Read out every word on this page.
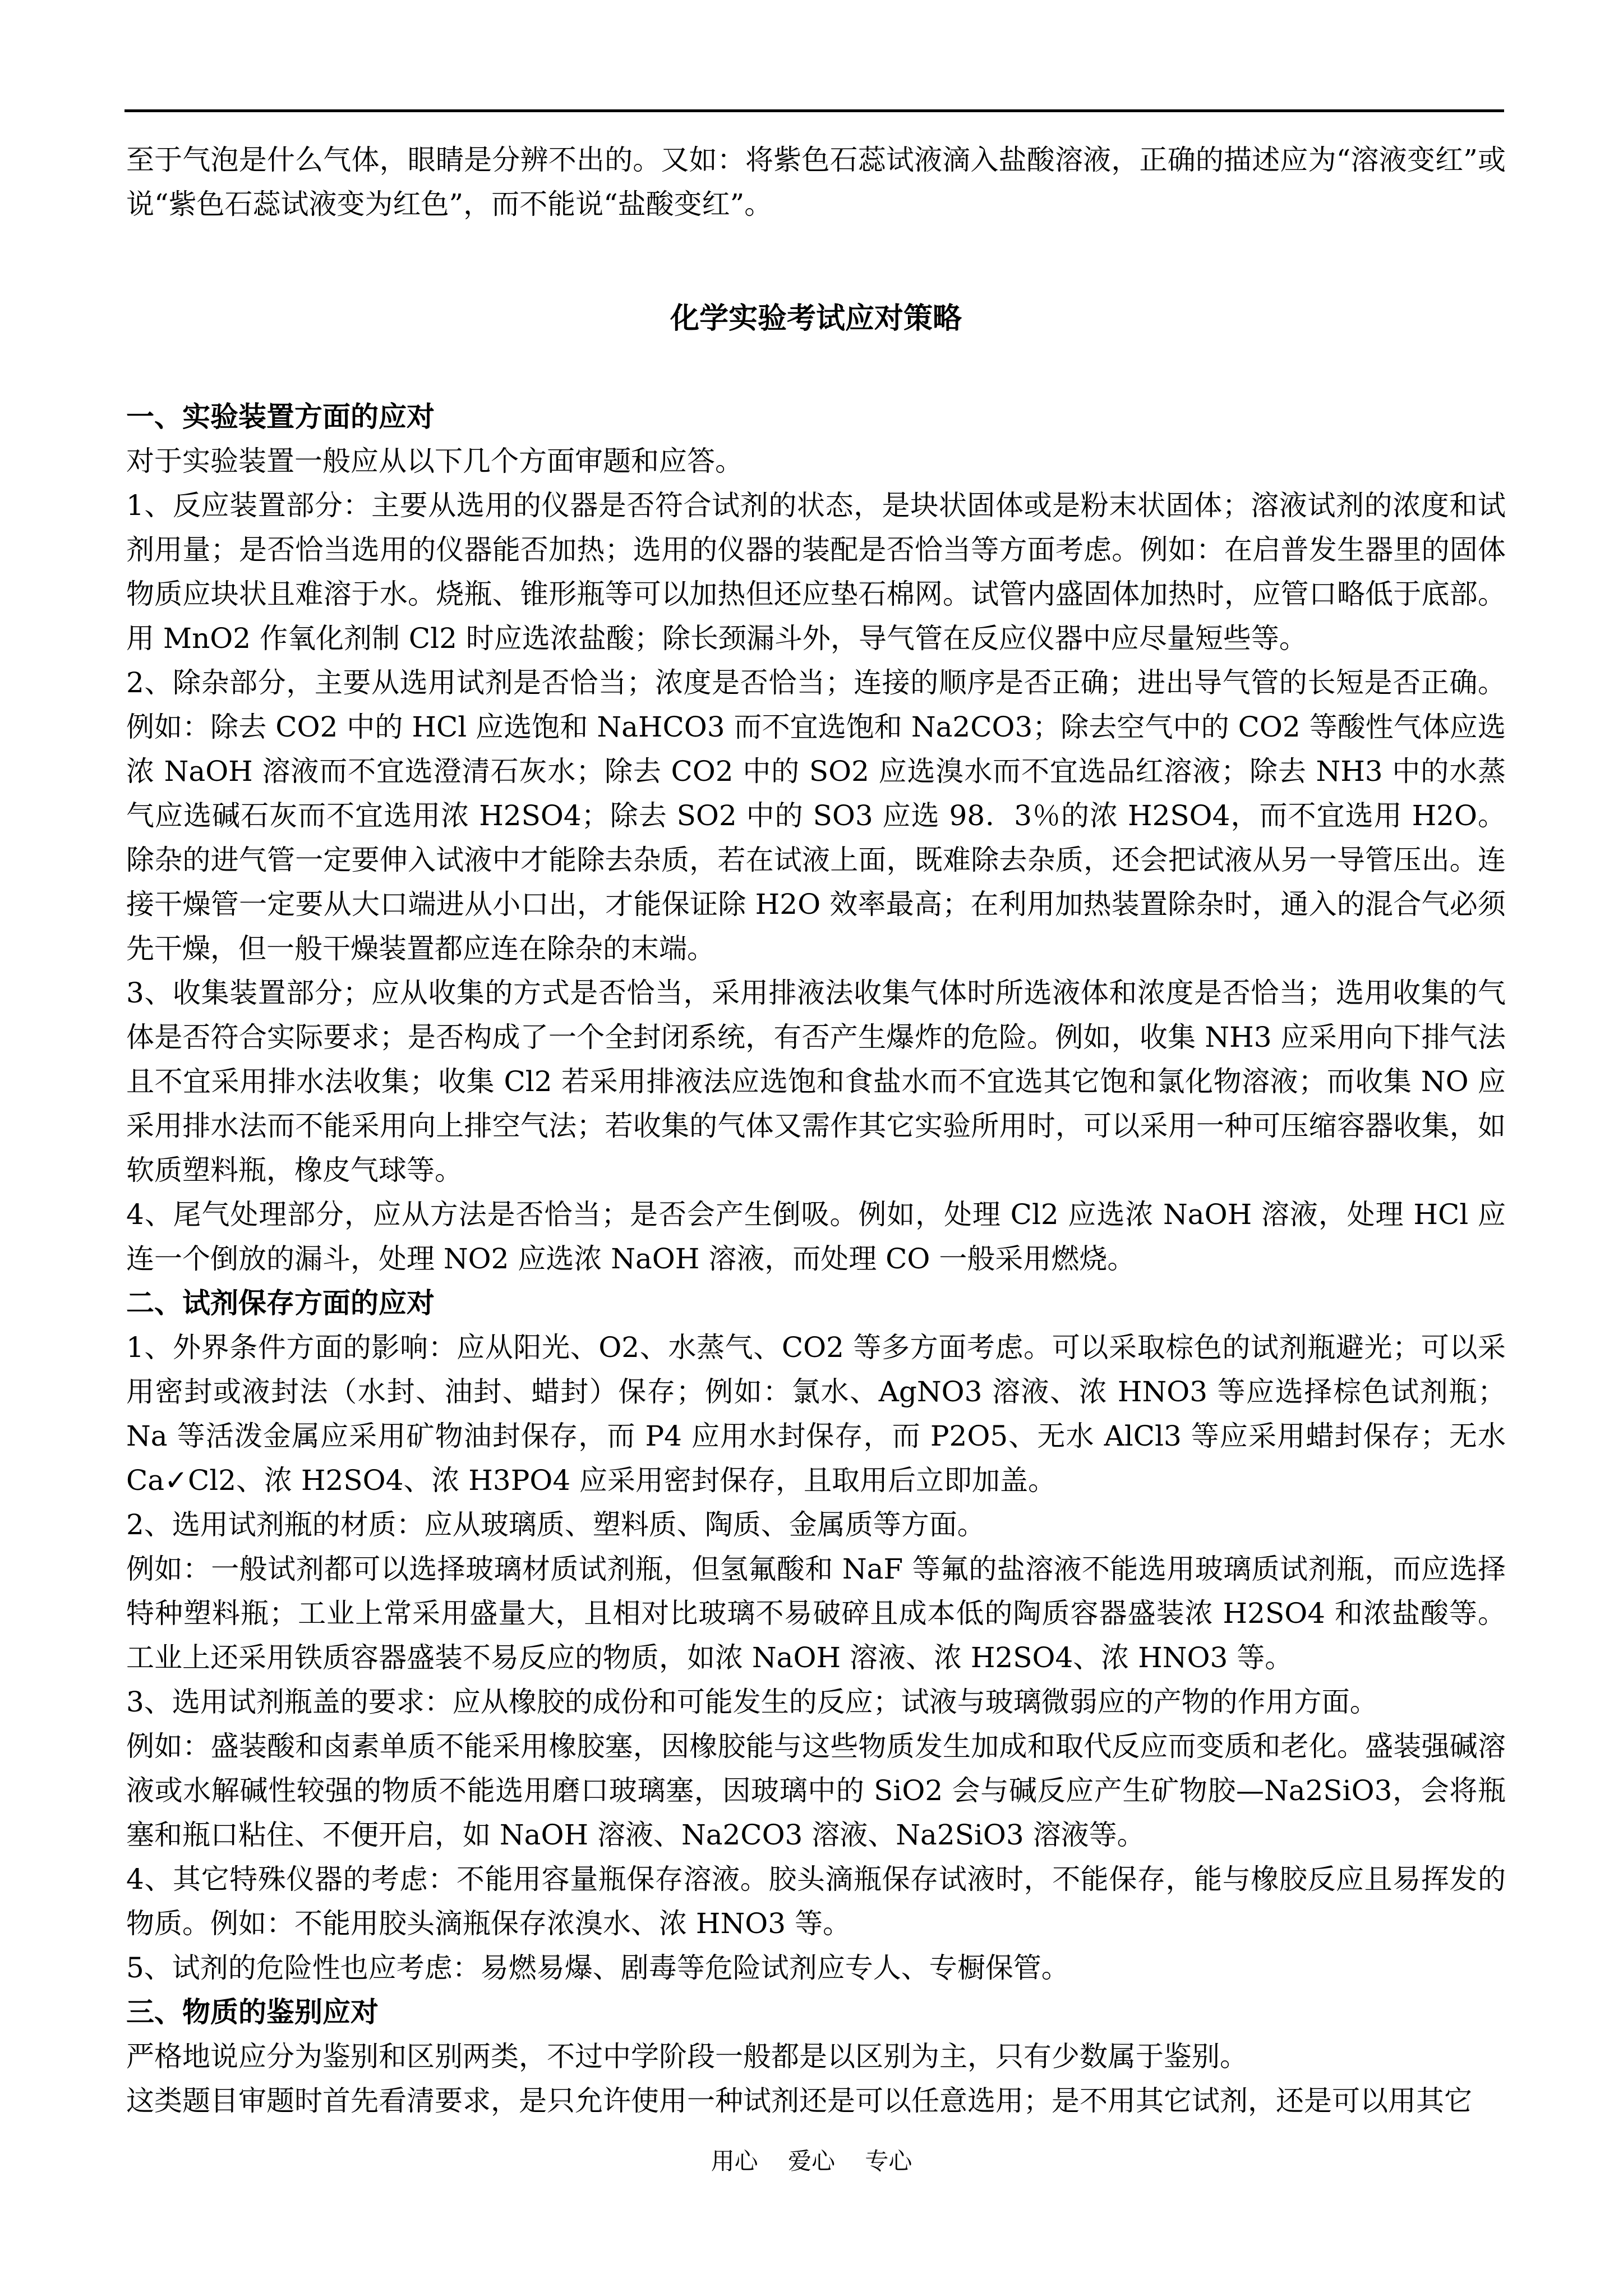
至于气泡是什么气体，眼睛是分辨不出的。又如：将紫色石蕊试液滴入盐酸溶液，正确的描述应为“溶液变红”或说“紫色石蕊试液变为红色”，而不能说“盐酸变红”。

化学实验考试应对策略

一、实验装置方面的应对

对于实验装置一般应从以下几个方面审题和应答。

1、反应装置部分：主要从选用的仪器是否符合试剂的状态，是块状固体或是粉末状固体；溶液试剂的浓度和试剂用量；是否恰当选用的仪器能否加热；选用的仪器的装配是否恰当等方面考虑。例如：在启普发生器里的固体物质应块状且难溶于水。烧瓶、锥形瓶等可以加热但还应垫石棉网。试管内盛固体加热时，应管口略低于底部。用 MnO2 作氧化剂制 Cl2 时应选浓盐酸；除长颈漏斗外，导气管在反应仪器中应尽量短些等。

2、除杂部分，主要从选用试剂是否恰当；浓度是否恰当；连接的顺序是否正确；进出导气管的长短是否正确。例如：除去 CO2 中的 HCl 应选饱和 NaHCO3 而不宜选饱和 Na2CO3；除去空气中的 CO2 等酸性气体应选浓 NaOH 溶液而不宜选澄清石灰水；除去 CO2 中的 SO2 应选溴水而不宜选品红溶液；除去 NH3 中的水蒸气应选碱石灰而不宜选用浓 H2SO4；除去 SO2 中的 SO3 应选 98．3％的浓 H2SO4，而不宜选用 H2O。除杂的进气管一定要伸入试液中才能除去杂质，若在试液上面，既难除去杂质，还会把试液从另一导管压出。连接干燥管一定要从大口端进从小口出，才能保证除 H2O 效率最高；在利用加热装置除杂时，通入的混合气必须先干燥，但一般干燥装置都应连在除杂的末端。

3、收集装置部分；应从收集的方式是否恰当，采用排液法收集气体时所选液体和浓度是否恰当；选用收集的气体是否符合实际要求；是否构成了一个全封闭系统，有否产生爆炸的危险。例如，收集 NH3 应采用向下排气法且不宜采用排水法收集；收集 Cl2 若采用排液法应选饱和食盐水而不宜选其它饱和氯化物溶液；而收集 NO 应采用排水法而不能采用向上排空气法；若收集的气体又需作其它实验所用时，可以采用一种可压缩容器收集，如软质塑料瓶，橡皮气球等。

4、尾气处理部分，应从方法是否恰当；是否会产生倒吸。例如，处理 Cl2 应选浓 NaOH 溶液，处理 HCl 应连一个倒放的漏斗，处理 NO2 应选浓 NaOH 溶液，而处理 CO 一般采用燃烧。

二、试剂保存方面的应对

1、外界条件方面的影响：应从阳光、O2、水蒸气、CO2 等多方面考虑。可以采取棕色的试剂瓶避光；可以采用密封或液封法（水封、油封、蜡封）保存；例如：氯水、AgNO3 溶液、浓 HNO3 等应选择棕色试剂瓶；Na 等活泼金属应采用矿物油封保存，而 P4 应用水封保存，而 P2O5、无水 AlCl3 等应采用蜡封保存；无水 Ca✓Cl2、浓 H2SO4、浓 H3PO4 应采用密封保存，且取用后立即加盖。

2、选用试剂瓶的材质：应从玻璃质、塑料质、陶质、金属质等方面。

例如：一般试剂都可以选择玻璃材质试剂瓶，但氢氟酸和 NaF 等氟的盐溶液不能选用玻璃质试剂瓶，而应选择特种塑料瓶；工业上常采用盛量大，且相对比玻璃不易破碎且成本低的陶质容器盛装浓 H2SO4 和浓盐酸等。工业上还采用铁质容器盛装不易反应的物质，如浓 NaOH 溶液、浓 H2SO4、浓 HNO3 等。

3、选用试剂瓶盖的要求：应从橡胶的成份和可能发生的反应；试液与玻璃微弱应的产物的作用方面。

例如：盛装酸和卤素单质不能采用橡胶塞，因橡胶能与这些物质发生加成和取代反应而变质和老化。盛装强碱溶液或水解碱性较强的物质不能选用磨口玻璃塞，因玻璃中的 SiO2 会与碱反应产生矿物胶—Na2SiO3，会将瓶塞和瓶口粘住、不便开启，如 NaOH 溶液、Na2CO3 溶液、Na2SiO3 溶液等。

4、其它特殊仪器的考虑：不能用容量瓶保存溶液。胶头滴瓶保存试液时，不能保存，能与橡胶反应且易挥发的物质。例如：不能用胶头滴瓶保存浓溴水、浓 HNO3 等。

5、试剂的危险性也应考虑：易燃易爆、剧毒等危险试剂应专人、专橱保管。

三、物质的鉴别应对

严格地说应分为鉴别和区别两类，不过中学阶段一般都是以区别为主，只有少数属于鉴别。

这类题目审题时首先看清要求，是只允许使用一种试剂还是可以任意选用；是不用其它试剂，还是可以用其它

用心 爱心 专心
